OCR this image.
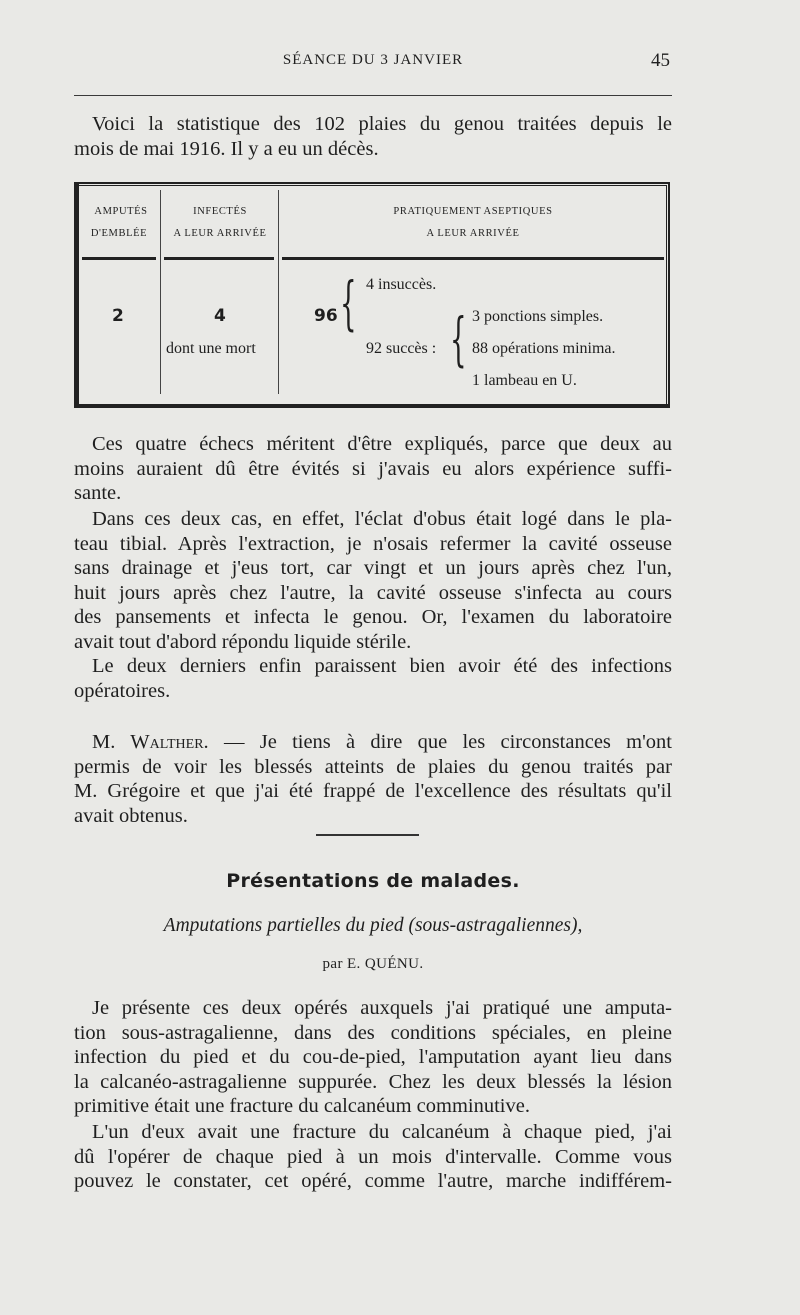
SÉANCE DU 3 JANVIER	45
Voici la statistique des 102 plaies du genou traitées depuis le
mois de mai 1916. Il y a eu un décès.
AMPUTÉS
D'EMBLÉE
INFECTÉS
A LEUR ARRIVÉE
PRATIQUEMENT ASEPTIQUES
A LEUR ARRIVÉE
2	4
dont une mort
96 { 4 insuccès.
92 succès : { 3 ponctions simples.
88 opérations minima.
1 lambeau en U.
Ces quatre échecs méritent d'être expliqués, parce que deux au
moins auraient dû être évités si j'avais eu alors expérience suffi-
sante.
Dans ces deux cas, en effet, l'éclat d'obus était logé dans le pla-
teau tibial. Après l'extraction, je n'osais refermer la cavité osseuse
sans drainage et j'eus tort, car vingt et un jours après chez l'un,
huit jours après chez l'autre, la cavité osseuse s'infecta au cours
des pansements et infecta le genou. Or, l'examen du laboratoire
avait tout d'abord répondu liquide stérile.
Le deux derniers enfin paraissent bien avoir été des infections
opératoires.
M. Walther. — Je tiens à dire que les circonstances m'ont
permis de voir les blessés atteints de plaies du genou traités par
M. Grégoire et que j'ai été frappé de l'excellence des résultats qu'il
avait obtenus.
Présentations de malades.
Amputations partielles du pied (sous-astragaliennes),
par E. QUÉNU.
Je présente ces deux opérés auxquels j'ai pratiqué une amputa-
tion sous-astragalienne, dans des conditions spéciales, en pleine
infection du pied et du cou-de-pied, l'amputation ayant lieu dans
la calcanéo-astragalienne suppurée. Chez les deux blessés la lésion
primitive était une fracture du calcanéum comminutive.
L'un d'eux avait une fracture du calcanéum à chaque pied, j'ai
dû l'opérer de chaque pied à un mois d'intervalle. Comme vous
pouvez le constater, cet opéré, comme l'autre, marche indifférem-
